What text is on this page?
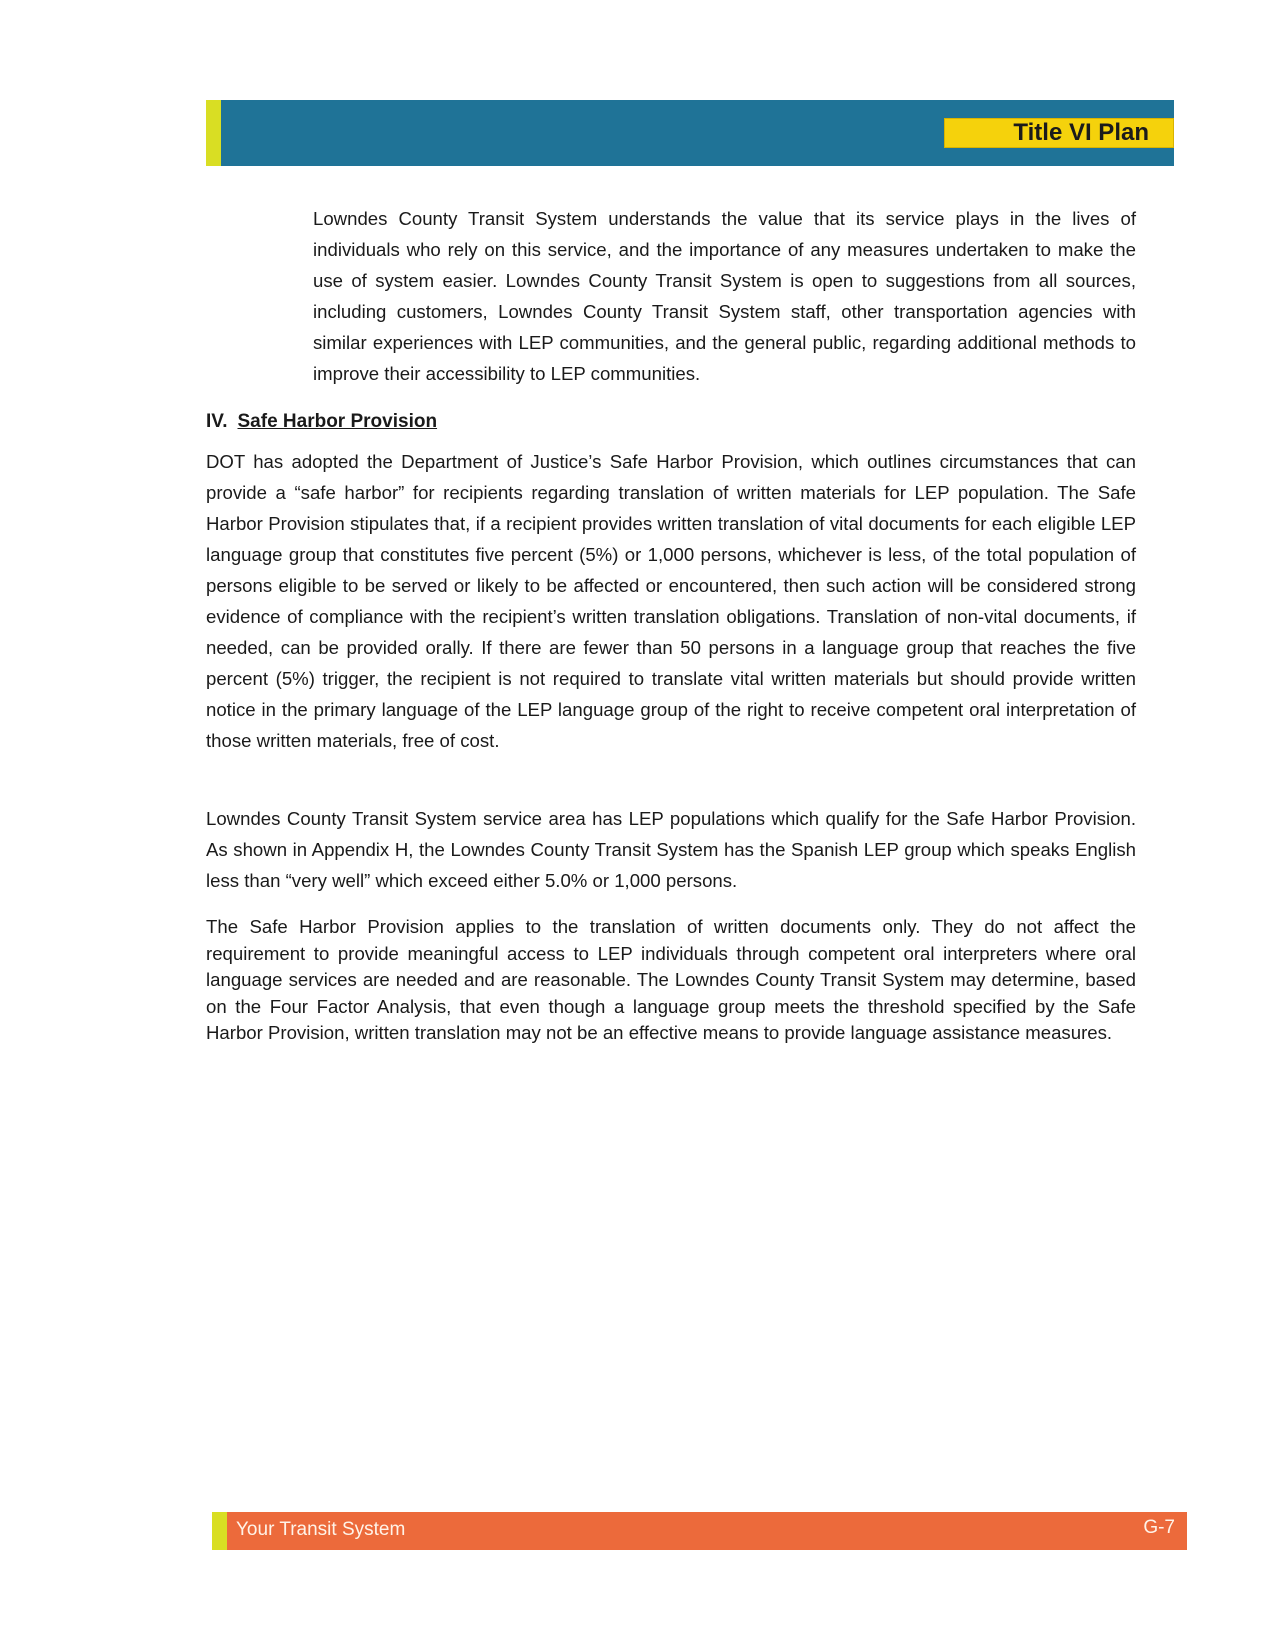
Title VI Plan

Lowndes County Transit System understands the value that its service plays in the lives of individuals who rely on this service, and the importance of any measures undertaken to make the use of system easier. Lowndes County Transit System is open to suggestions from all sources, including customers, Lowndes County Transit System staff, other transportation agencies with similar experiences with LEP communities, and the general public, regarding additional methods to improve their accessibility to LEP communities.

IV. Safe Harbor Provision

DOT has adopted the Department of Justice’s Safe Harbor Provision, which outlines circumstances that can provide a “safe harbor” for recipients regarding translation of written materials for LEP population. The Safe Harbor Provision stipulates that, if a recipient provides written translation of vital documents for each eligible LEP language group that constitutes five percent (5%) or 1,000 persons, whichever is less, of the total population of persons eligible to be served or likely to be affected or encountered, then such action will be considered strong evidence of compliance with the recipient’s written translation obligations. Translation of non-vital documents, if needed, can be provided orally. If there are fewer than 50 persons in a language group that reaches the five percent (5%) trigger, the recipient is not required to translate vital written materials but should provide written notice in the primary language of the LEP language group of the right to receive competent oral interpretation of those written materials, free of cost.

Lowndes County Transit System service area has LEP populations which qualify for the Safe Harbor Provision. As shown in Appendix H, the Lowndes County Transit System has the Spanish LEP group which speaks English less than “very well” which exceed either 5.0% or 1,000 persons.

The Safe Harbor Provision applies to the translation of written documents only. They do not affect the requirement to provide meaningful access to LEP individuals through competent oral interpreters where oral language services are needed and are reasonable. The Lowndes County Transit System may determine, based on the Four Factor Analysis, that even though a language group meets the threshold specified by the Safe Harbor Provision, written translation may not be an effective means to provide language assistance measures.

Your Transit System	G-7
